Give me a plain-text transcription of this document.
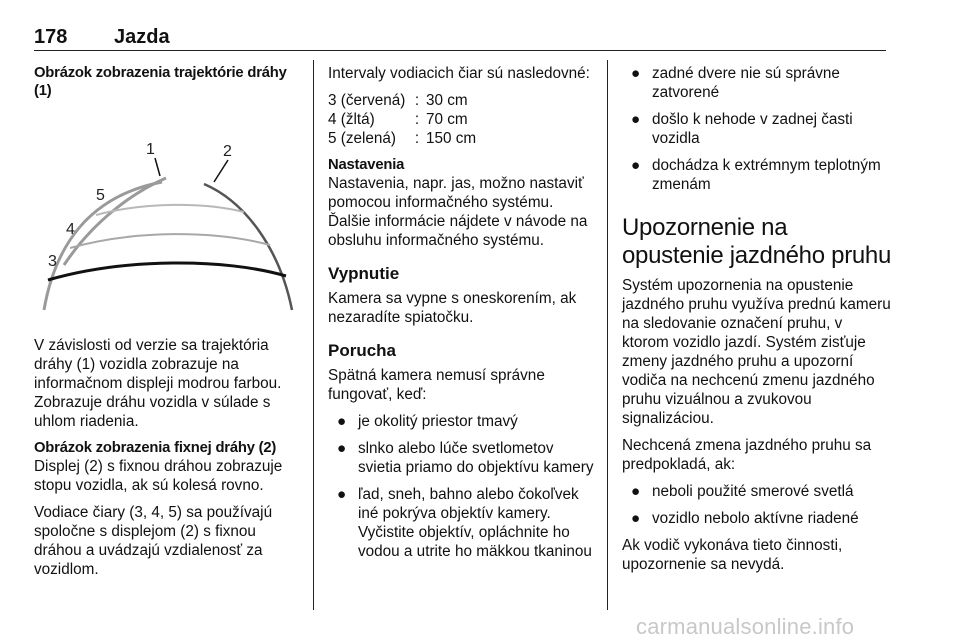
178 Jazda

Obrázok zobrazenia trajektórie dráhy (1)

1	2
3
4
5

V závislosti od verzie sa trajektória dráhy (1) vozidla zobrazuje na informačnom displeji modrou farbou. Zobrazuje dráhu vozidla v súlade s uhlom riadenia.

Obrázok zobrazenia fixnej dráhy (2)

Displej (2) s fixnou dráhou zobrazuje stopu vozidla, ak sú kolesá rovno.

Vodiace čiary (3, 4, 5) sa používajú spoločne s displejom (2) s fixnou dráhou a uvádzajú vzdialenosť za vozidlom.

Intervaly vodiacich čiar sú nasledovné:

3 (červená)	:	30 cm
4 (žltá)	:	70 cm
5 (zelená)	:	150 cm

Nastavenia

Nastavenia, napr. jas, možno nastaviť pomocou informačného systému. Ďalšie informácie nájdete v návode na obsluhu informačného systému.

Vypnutie

Kamera sa vypne s oneskorením, ak nezaradíte spiatočku.

Porucha

Spätná kamera nemusí správne fungovať, keď:

● je okolitý priestor tmavý
● slnko alebo lúče svetlometov svietia priamo do objektívu kamery
● ľad, sneh, bahno alebo čokoľvek iné pokrýva objektív kamery. Vyčistite objektív, opláchnite ho vodou a utrite ho mäkkou tkaninou
● zadné dvere nie sú správne zatvorené
● došlo k nehode v zadnej časti vozidla
● dochádza k extrémnym teplotným zmenám

Upozornenie na opustenie jazdného pruhu

Systém upozornenia na opustenie jazdného pruhu využíva prednú kameru na sledovanie označení pruhu, v ktorom vozidlo jazdí. Systém zisťuje zmeny jazdného pruhu a upozorní vodiča na nechcenú zmenu jazdného pruhu vizuálnou a zvukovou signalizáciou.

Nechcená zmena jazdného pruhu sa predpokladá, ak:

● neboli použité smerové svetlá
● vozidlo nebolo aktívne riadené

Ak vodič vykonáva tieto činnosti, upozornenie sa nevydá.

carmanualsonline.info
